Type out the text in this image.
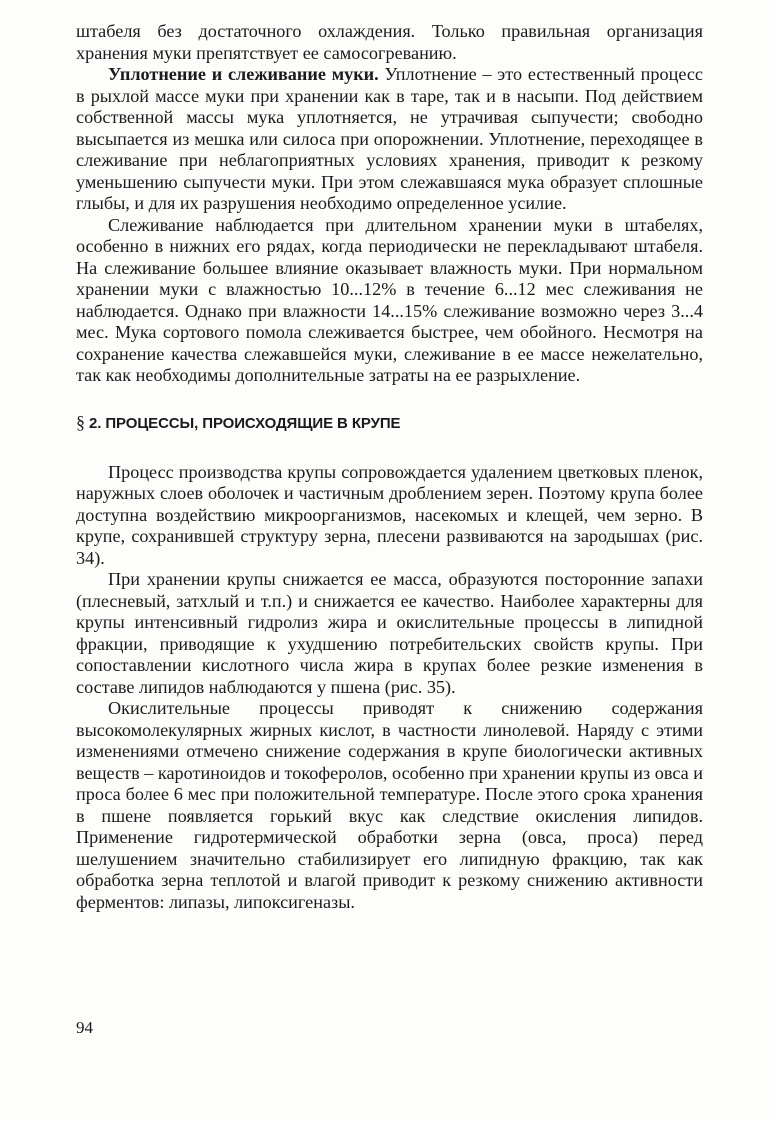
штабеля без достаточного охлаждения. Только правильная организация хранения муки препятствует ее самосогреванию.

Уплотнение и слеживание муки. Уплотнение – это естественный процесс в рыхлой массе муки при хранении как в таре, так и в насыпи. Под действием собственной массы мука уплотняется, не утрачивая сыпучести; свободно высыпается из мешка или силоса при опорожнении. Уплотнение, переходящее в слеживание при неблагоприятных условиях хранения, приводит к резкому уменьшению сыпучести муки. При этом слежавшаяся мука образует сплошные глыбы, и для их разрушения необходимо определенное усилие.

Слеживание наблюдается при длительном хранении муки в штабелях, особенно в нижних его рядах, когда периодически не перекладывают штабеля. На слеживание большее влияние оказывает влажность муки. При нормальном хранении муки с влажностью 10...12% в течение 6...12 мес слеживания не наблюдается. Однако при влажности 14...15% слеживание возможно через 3...4 мес. Мука сортового помола слеживается быстрее, чем обойного. Несмотря на сохранение качества слежавшейся муки, слеживание в ее массе нежелательно, так как необходимы дополнительные затраты на ее разрыхление.

§ 2. ПРОЦЕССЫ, ПРОИСХОДЯЩИЕ В КРУПЕ

Процесс производства крупы сопровождается удалением цветковых пленок, наружных слоев оболочек и частичным дроблением зерен. Поэтому крупа более доступна воздействию микроорганизмов, насекомых и клещей, чем зерно. В крупе, сохранившей структуру зерна, плесени развиваются на зародышах (рис. 34).

При хранении крупы снижается ее масса, образуются посторонние запахи (плесневый, затхлый и т.п.) и снижается ее качество. Наиболее характерны для крупы интенсивный гидролиз жира и окислительные процессы в липидной фракции, приводящие к ухудшению потребительских свойств крупы. При сопоставлении кислотного числа жира в крупах более резкие изменения в составе липидов наблюдаются у пшена (рис. 35).

Окислительные процессы приводят к снижению содержания высокомолекулярных жирных кислот, в частности линолевой. Наряду с этими изменениями отмечено снижение содержания в крупе биологически активных веществ – каротиноидов и токоферолов, особенно при хранении крупы из овса и проса более 6 мес при положительной температуре. После этого срока хранения в пшене появляется горький вкус как следствие окисления липидов. Применение гидротермической обработки зерна (овса, проса) перед шелушением значительно стабилизирует его липидную фракцию, так как обработка зерна теплотой и влагой приводит к резкому снижению активности ферментов: липазы, липоксигеназы.

94
